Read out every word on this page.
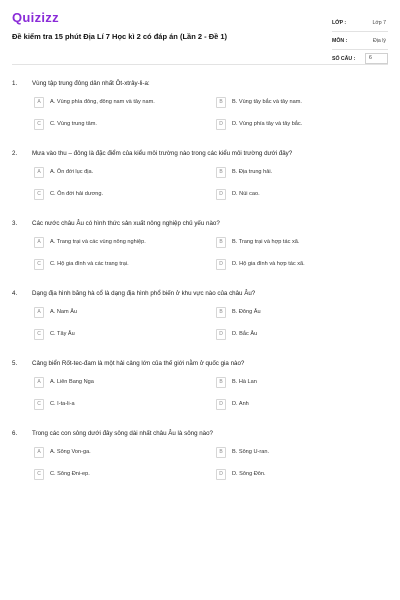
Quizizz
Đề kiểm tra 15 phút Địa Lí 7 Học kì 2 có đáp án (Lần 2 - Đề 1)
LỚP :	Lớp 7
MÔN :	Địa lý
SỐ CÂU :	6
1.	Vùng tập trung đông dân nhất Ôt-xtrây-li-a:
A	A. Vùng phía đông, đông nam và tây nam.	B	B. Vùng tây bắc và tây nam.
C	C. Vùng trung tâm.	D	D. Vùng phía tây và tây bắc.
2.	Mưa vào thu – đông là đặc điểm của kiểu môi trường nào trong các kiểu môi trường dưới đây?
A	A. Ôn đới lục địa.	B	B. Địa trung hải.
C	C. Ôn đới hải dương.	D	D. Núi cao.
3.	Các nước châu Âu có hình thức sản xuất nông nghiệp chủ yếu nào?
A	A. Trang trại và các vùng nông nghiệp.	B	B. Trang trại và hợp tác xã.
C	C. Hộ gia đình và các trang trại.	D	D. Hộ gia đình và hợp tác xã.
4.	Dạng địa hình băng hà cổ là dạng địa hình phổ biến ở khu vực nào của châu Âu?
A	A. Nam Âu	B	B. Đông Âu
C	C. Tây Âu	D	D. Bắc Âu
5.	Cảng biển Rốt-tec-đam là một hải cảng lớn của thế giới nằm ở quốc gia nào?
A	A. Liên Bang Nga	B	B. Hà Lan
C	C. I-ta-li-a	D	D. Anh
6.	Trong các con sông dưới đây sông dài nhất châu Âu là sông nào?
A	A. Sông Von-ga.	B	B. Sông U-ran.
C	C. Sông Đni-ep.	D	D. Sông Đôn.
